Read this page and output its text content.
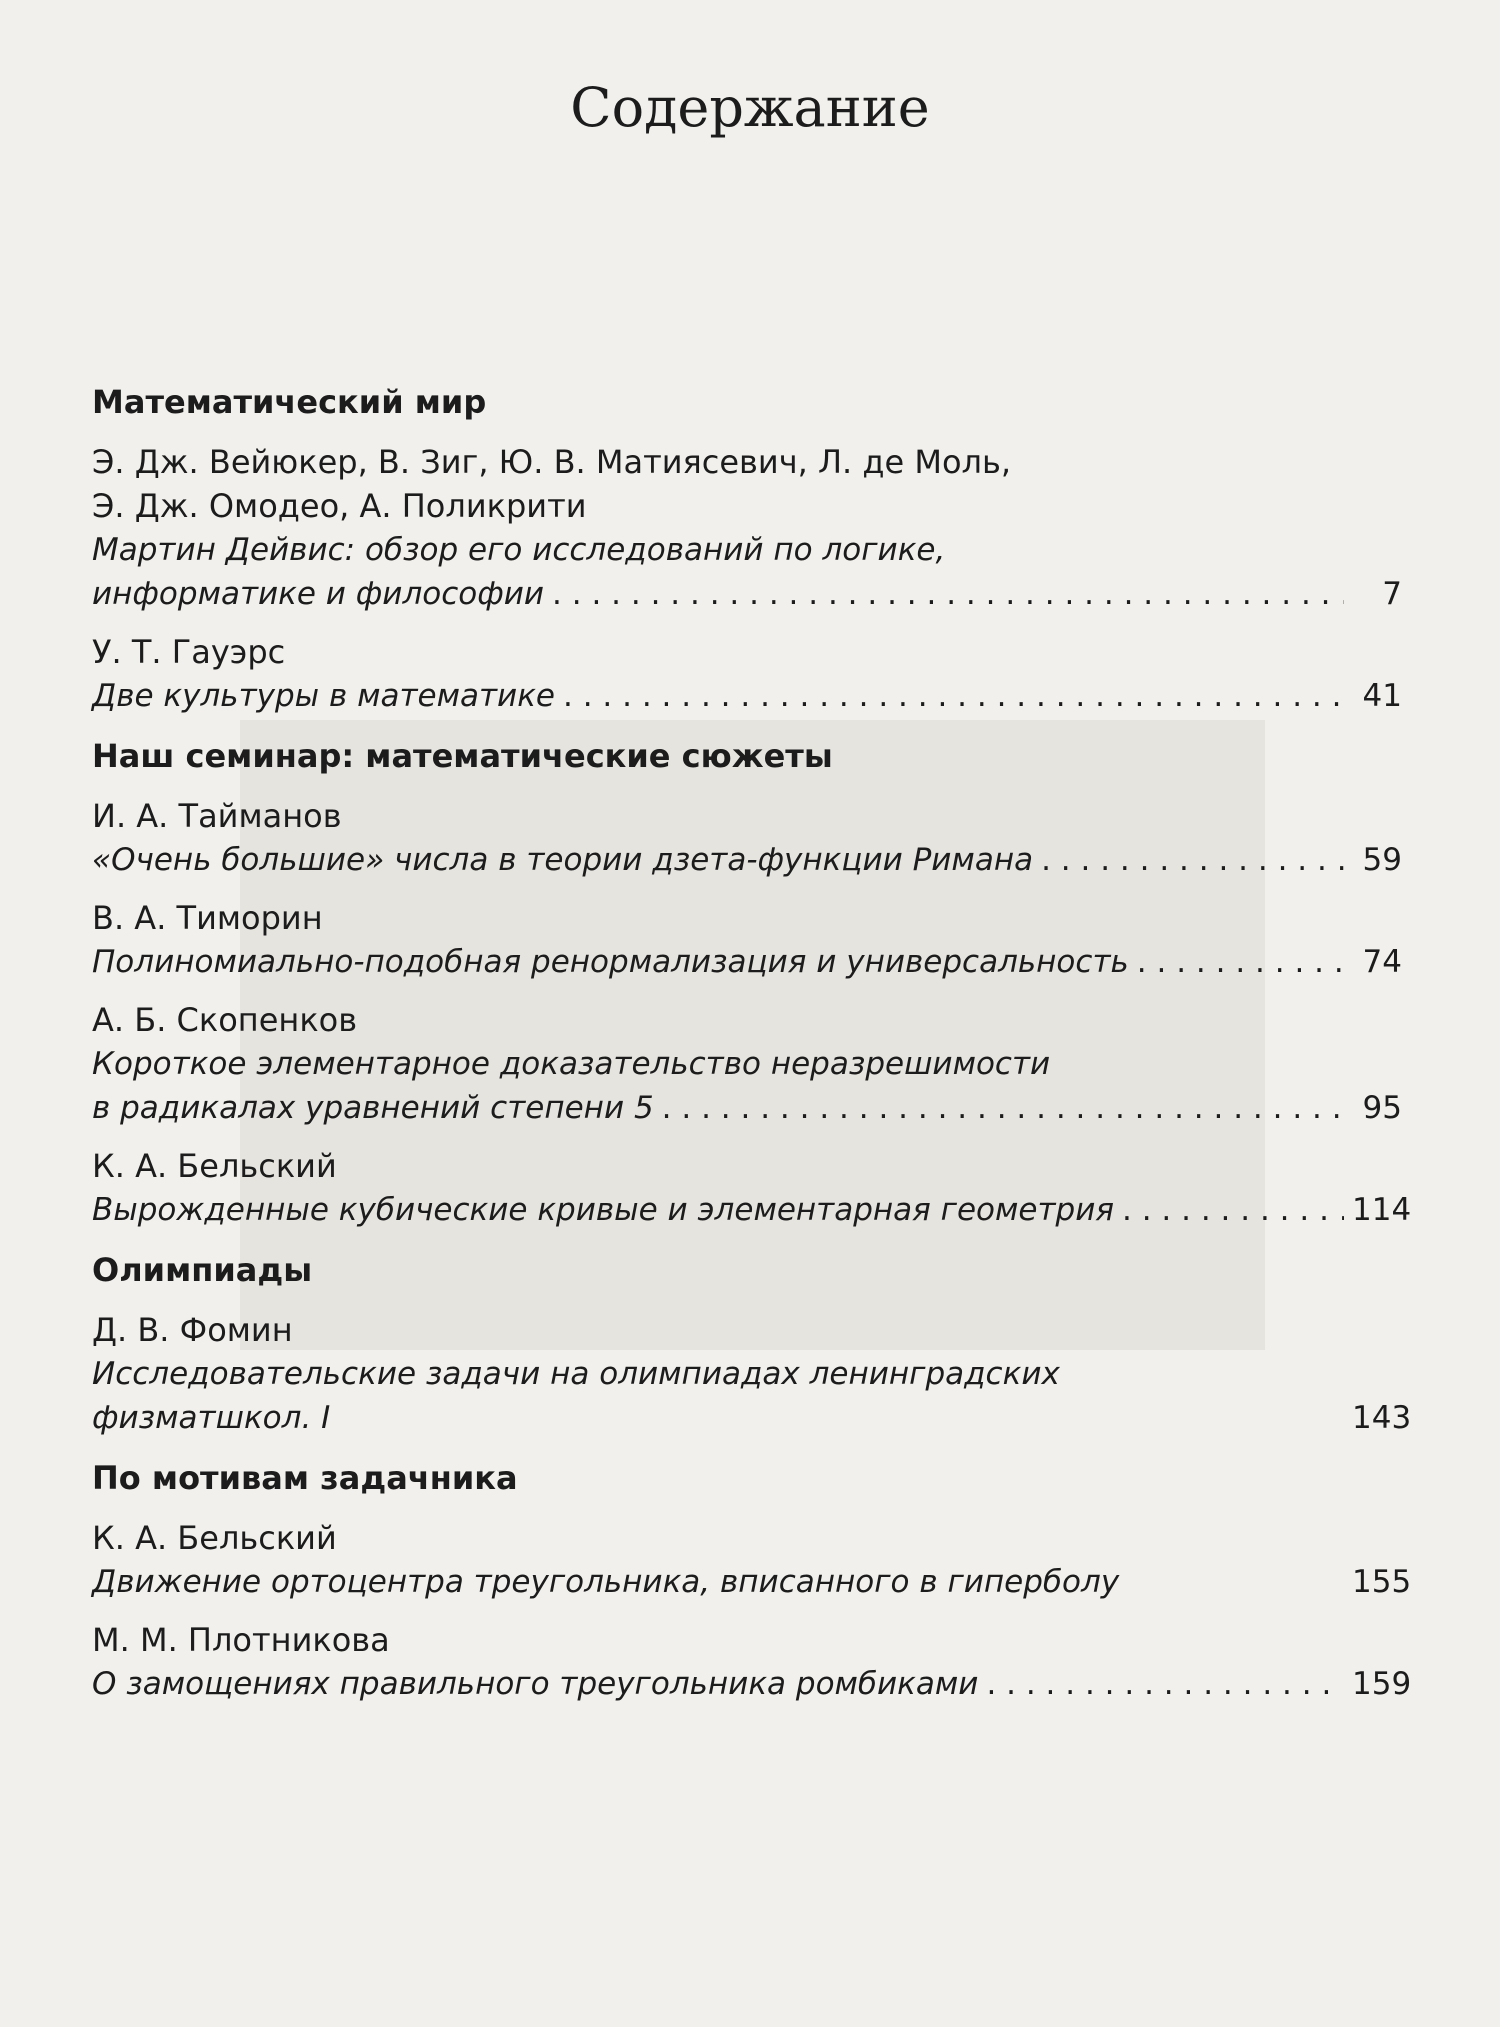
Содержание

Математический мир

Э. Дж. Вейюкер, В. Зиг, Ю. В. Матиясевич, Л. де Моль,

Э. Дж. Омодео, А. Поликрити

Мартин Дейвис: обзор его исследований по логике,

информатике и философии . . .	7

У. Т. Гауэрс

Две культуры в математике . . .	41

Наш семинар: математические сюжеты

И. А. Тайманов

«Очень большие» числа в теории дзета-функции Римана . . .	59

В. А. Тиморин

Полиномиально-подобная ренормализация и универсальность . . .	74

А. Б. Скопенков

Короткое элементарное доказательство неразрешимости

в радикалах уравнений степени 5 . . .	95

К. А. Бельский

Вырожденные кубические кривые и элементарная геометрия . . .	114

Олимпиады

Д. В. Фомин

Исследовательские задачи на олимпиадах ленинградских

физматшкол. I	143

По мотивам задачника

К. А. Бельский

Движение ортоцентра треугольника, вписанного в гиперболу	155

М. М. Плотникова

О замощениях правильного треугольника ромбиками . . .	159
